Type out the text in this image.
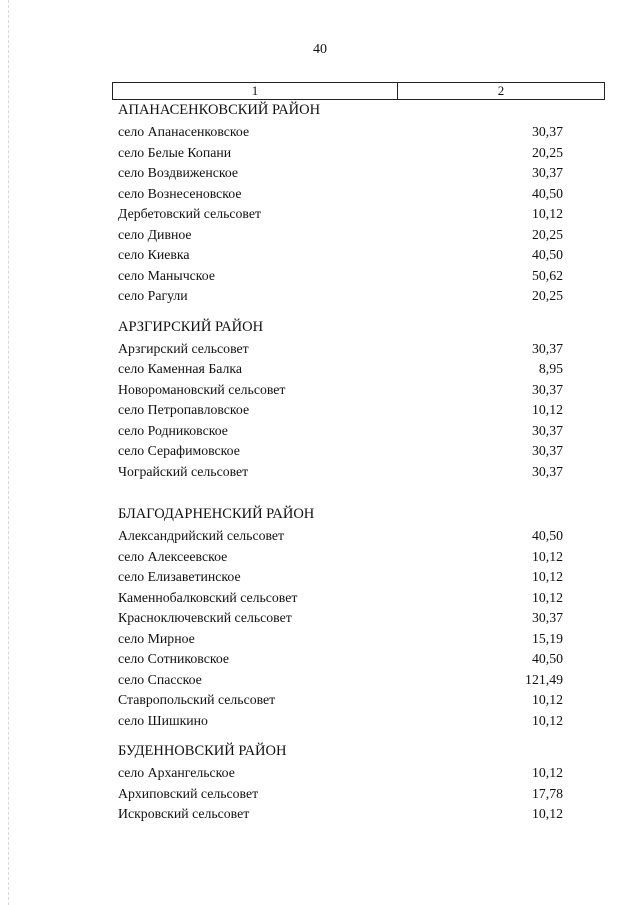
40
1	2
АПАНАСЕНКОВСКИЙ РАЙОН
село Апанасенковское	30,37
село Белые Копани	20,25
село Воздвиженское	30,37
село Вознесеновское	40,50
Дербетовский сельсовет	10,12
село Дивное	20,25
село Киевка	40,50
село Манычское	50,62
село Рагули	20,25
АРЗГИРСКИЙ РАЙОН
Арзгирский сельсовет	30,37
село Каменная Балка	8,95
Новоромановский сельсовет	30,37
село Петропавловское	10,12
село Родниковское	30,37
село Серафимовское	30,37
Чограйский сельсовет	30,37
БЛАГОДАРНЕНСКИЙ РАЙОН
Александрийский сельсовет	40,50
село Алексеевское	10,12
село Елизаветинское	10,12
Каменнобалковский сельсовет	10,12
Красноключевский сельсовет	30,37
село Мирное	15,19
село Сотниковское	40,50
село Спасское	121,49
Ставропольский сельсовет	10,12
село Шишкино	10,12
БУДЕННОВСКИЙ РАЙОН
село Архангельское	10,12
Архиповский сельсовет	17,78
Искровский сельсовет	10,12
